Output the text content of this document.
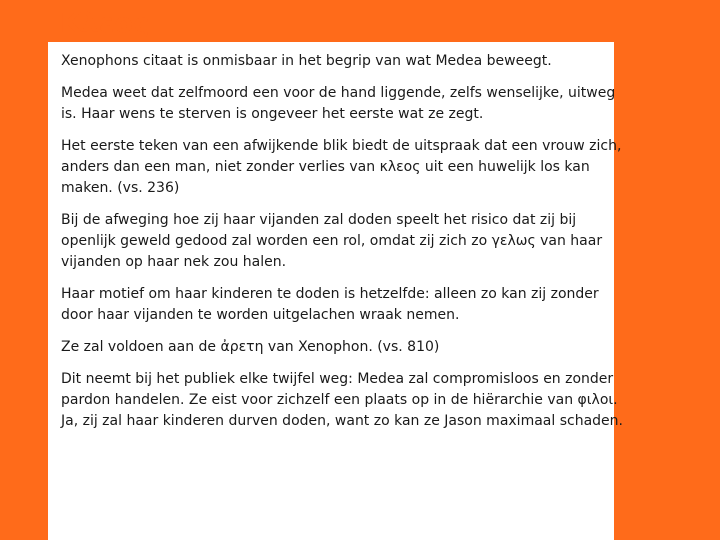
Κλεος

Xenophons citaat is onmisbaar in het begrip van wat Medea beweegt.

Medea weet dat zelfmoord een voor de hand liggende, zelfs wenselijke, uitweg is. Haar wens te sterven is ongeveer het eerste wat ze zegt.

Het eerste teken van een afwijkende blik biedt de uitspraak dat een vrouw zich, anders dan een man, niet zonder verlies van κλεος uit een huwelijk los kan maken. (vs. 236)

Bij de afweging hoe zij haar vijanden zal doden speelt het risico dat zij bij openlijk geweld gedood zal worden een rol, omdat zij zich zo γελως van haar vijanden op haar nek zou halen.

Haar motief om haar kinderen te doden is hetzelfde: alleen zo kan zij zonder door haar vijanden te worden uitgelachen wraak nemen.

Ze zal voldoen aan de ἀρετη van Xenophon. (vs. 810)

Dit neemt bij het publiek elke twijfel weg: Medea zal compromisloos en zonder pardon handelen. Ze eist voor zichzelf een plaats op in de hiërarchie van φιλοι. Ja, zij zal haar kinderen durven doden, want zo kan ze Jason maximaal schaden.
